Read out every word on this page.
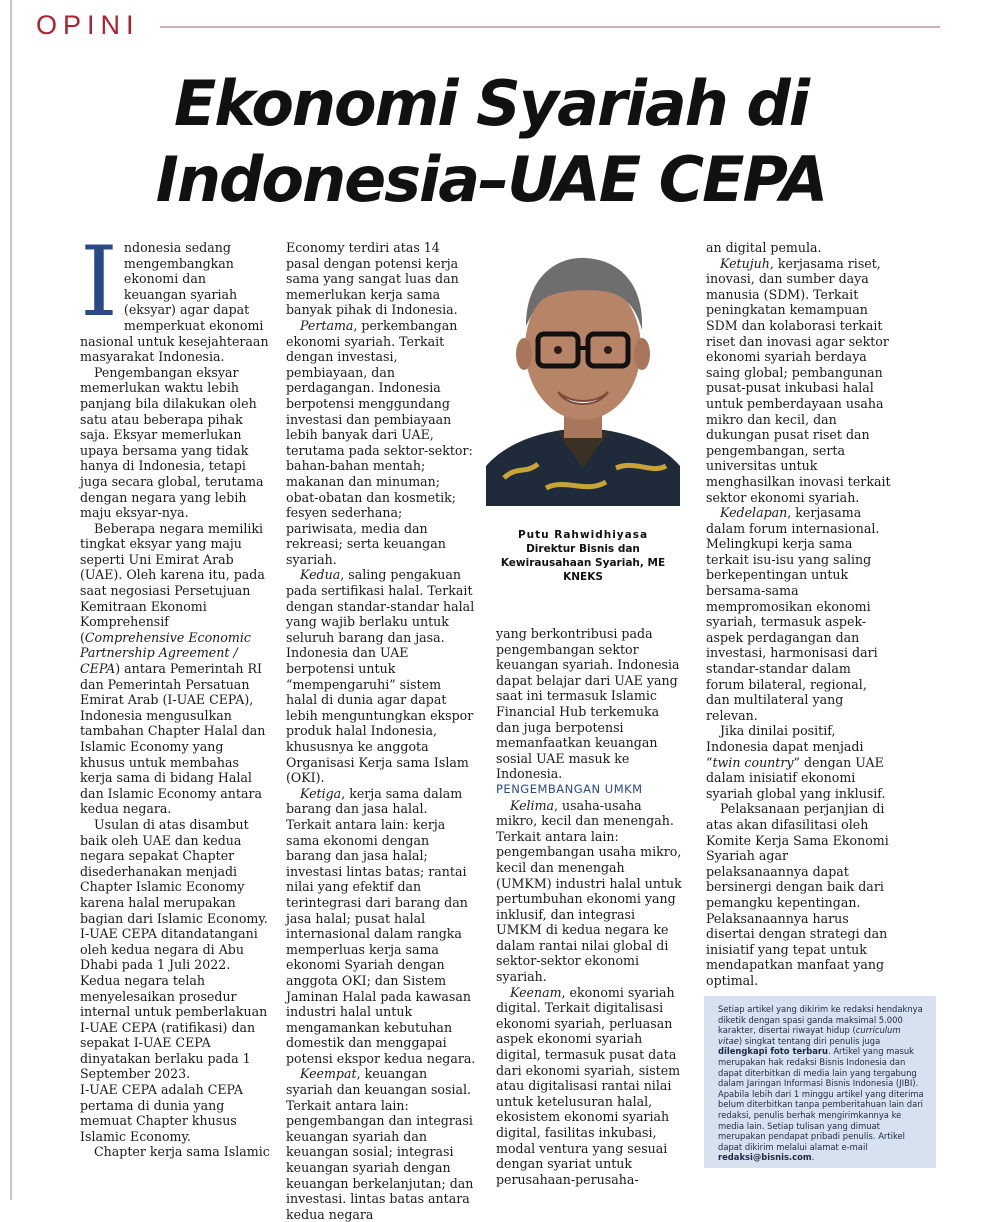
OPINI
Ekonomi Syariah di
Indonesia–UAE CEPA

Indonesia sedang mengembangkan ekonomi dan keuangan syariah (eksyar) agar dapat memperkuat ekonomi nasional untuk kesejahteraan masyarakat Indonesia.

Pengembangan eksyar memerlukan waktu lebih panjang bila dilakukan oleh satu atau beberapa pihak saja. Eksyar memerlukan upaya bersama yang tidak hanya di Indonesia, tetapi juga secara global, terutama dengan negara yang lebih maju eksyar-nya.

Beberapa negara memiliki tingkat eksyar yang maju seperti Uni Emirat Arab (UAE). Oleh karena itu, pada saat negosiasi Persetujuan Kemitraan Ekonomi Komprehensif (Comprehensive Economic Partnership Agreement / CEPA) antara Pemerintah RI dan Pemerintah Persatuan Emirat Arab (I-UAE CEPA), Indonesia mengusulkan tambahan Chapter Halal dan Islamic Economy yang khusus untuk membahas kerja sama di bidang Halal dan Islamic Economy antara kedua negara.

Usulan di atas disambut baik oleh UAE dan kedua negara sepakat Chapter disederhanakan menjadi Chapter Islamic Economy karena halal merupakan bagian dari Islamic Economy. I-UAE CEPA ditandatangani oleh kedua negara di Abu Dhabi pada 1 Juli 2022. Kedua negara telah menyelesaikan prosedur internal untuk pemberlakuan I-UAE CEPA (ratifikasi) dan sepakat I-UAE CEPA dinyatakan berlaku pada 1 September 2023.

I-UAE CEPA adalah CEPA pertama di dunia yang memuat Chapter khusus Islamic Economy.

Chapter kerja sama Islamic

Economy terdiri atas 14 pasal dengan potensi kerja sama yang sangat luas dan memerlukan kerja sama banyak pihak di Indonesia.

Pertama, perkembangan ekonomi syariah. Terkait dengan investasi, pembiayaan, dan perdagangan. Indonesia berpotensi menggundang investasi dan pembiayaan lebih banyak dari UAE, terutama pada sektor-sektor: bahan-bahan mentah; makanan dan minuman; obat-obatan dan kosmetik; fesyen sederhana; pariwisata, media dan rekreasi; serta keuangan syariah.

Kedua, saling pengakuan pada sertifikasi halal. Terkait dengan standar-standar halal yang wajib berlaku untuk seluruh barang dan jasa. Indonesia dan UAE berpotensi untuk “mempengaruhi” sistem halal di dunia agar dapat lebih menguntungkan ekspor produk halal Indonesia, khususnya ke anggota Organisasi Kerja sama Islam (OKI).

Ketiga, kerja sama dalam barang dan jasa halal. Terkait antara lain: kerja sama ekonomi dengan barang dan jasa halal; investasi lintas batas; rantai nilai yang efektif dan terintegrasi dari barang dan jasa halal; pusat halal internasional dalam rangka memperluas kerja sama ekonomi Syariah dengan anggota OKI; dan Sistem Jaminan Halal pada kawasan industri halal untuk mengamankan kebutuhan domestik dan menggapai potensi ekspor kedua negara.

Keempat, keuangan syariah dan keuangan sosial. Terkait antara lain: pengembangan dan integrasi keuangan syariah dan keuangan sosial; integrasi keuangan syariah dengan keuangan berkelanjutan; dan investasi. lintas batas antara kedua negara

Putu Rahwidhiyasa
Direktur Bisnis dan
Kewirausahaan Syariah, ME
KNEKS

yang berkontribusi pada pengembangan sektor keuangan syariah. Indonesia dapat belajar dari UAE yang saat ini termasuk Islamic Financial Hub terkemuka dan juga berpotensi memanfaatkan keuangan sosial UAE masuk ke Indonesia.

PENGEMBANGAN UMKM

Kelima, usaha-usaha mikro, kecil dan menengah. Terkait antara lain: pengembangan usaha mikro, kecil dan menengah (UMKM) industri halal untuk pertumbuhan ekonomi yang inklusif, dan integrasi UMKM di kedua negara ke dalam rantai nilai global di sektor-sektor ekonomi syariah.

Keenam, ekonomi syariah digital. Terkait digitalisasi ekonomi syariah, perluasan aspek ekonomi syariah digital, termasuk pusat data dari ekonomi syariah, sistem atau digitalisasi rantai nilai untuk ketelusuran halal, ekosistem ekonomi syariah digital, fasilitas inkubasi, modal ventura yang sesuai dengan syariat untuk perusahaan-perusaha-

an digital pemula.

Ketujuh, kerjasama riset, inovasi, dan sumber daya manusia (SDM). Terkait peningkatan kemampuan SDM dan kolaborasi terkait riset dan inovasi agar sektor ekonomi syariah berdaya saing global; pembangunan pusat-pusat inkubasi halal untuk pemberdayaan usaha mikro dan kecil, dan dukungan pusat riset dan pengembangan, serta universitas untuk menghasilkan inovasi terkait sektor ekonomi syariah.

Kedelapan, kerjasama dalam forum internasional. Melingkupi kerja sama terkait isu-isu yang saling berkepentingan untuk bersama-sama mempromosikan ekonomi syariah, termasuk aspek-aspek perdagangan dan investasi, harmonisasi dari standar-standar dalam forum bilateral, regional, dan multilateral yang relevan.

Jika dinilai positif, Indonesia dapat menjadi “twin country” dengan UAE dalam inisiatif ekonomi syariah global yang inklusif.

Pelaksanaan perjanjian di atas akan difasilitasi oleh Komite Kerja Sama Ekonomi Syariah agar pelaksanaannya dapat bersinergi dengan baik dari pemangku kepentingan. Pelaksanaannya harus disertai dengan strategi dan inisiatif yang tepat untuk mendapatkan manfaat yang optimal.

Setiap artikel yang dikirim ke redaksi hendaknya diketik dengan spasi ganda maksimal 5.000 karakter, disertai riwayat hidup (curriculum vitae) singkat tentang diri penulis juga dilengkapi foto terbaru. Artikel yang masuk merupakan hak redaksi Bisnis Indonesia dan dapat diterbitkan di media lain yang tergabung dalam Jaringan Informasi Bisnis Indonesia (JIBI). Apabila lebih dari 1 minggu artikel yang diterima belum diterbitkan tanpa pemberitahuan lain dari redaksi, penulis berhak mengirimkannya ke media lain. Setiap tulisan yang dimuat merupakan pendapat pribadi penulis. Artikel dapat dikirim melalui alamat e-mail redaksi@bisnis.com.
